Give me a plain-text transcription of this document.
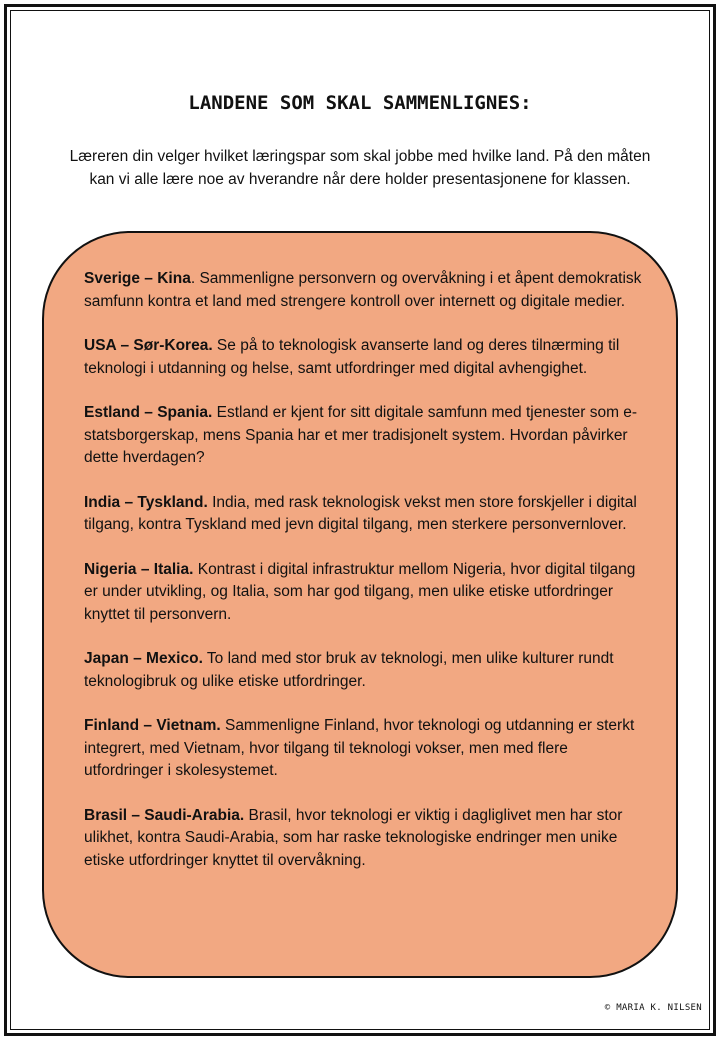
LANDENE SOM SKAL SAMMENLIGNES:
Læreren din velger hvilket læringspar som skal jobbe med hvilke land. På den måten kan vi alle lære noe av hverandre når dere holder presentasjonene for klassen.

Sverige – Kina. Sammenligne personvern og overvåkning i et åpent demokratisk samfunn kontra et land med strengere kontroll over internett og digitale medier.

USA – Sør-Korea. Se på to teknologisk avanserte land og deres tilnærming til teknologi i utdanning og helse, samt utfordringer med digital avhengighet.

Estland – Spania. Estland er kjent for sitt digitale samfunn med tjenester som e-statsborgerskap, mens Spania har et mer tradisjonelt system. Hvordan påvirker dette hverdagen?

India – Tyskland. India, med rask teknologisk vekst men store forskjeller i digital tilgang, kontra Tyskland med jevn digital tilgang, men sterkere personvernlover.

Nigeria – Italia. Kontrast i digital infrastruktur mellom Nigeria, hvor digital tilgang er under utvikling, og Italia, som har god tilgang, men ulike etiske utfordringer knyttet til personvern.

Japan – Mexico. To land med stor bruk av teknologi, men ulike kulturer rundt teknologibruk og ulike etiske utfordringer.

Finland – Vietnam. Sammenligne Finland, hvor teknologi og utdanning er sterkt integrert, med Vietnam, hvor tilgang til teknologi vokser, men med flere utfordringer i skolesystemet.

Brasil – Saudi-Arabia. Brasil, hvor teknologi er viktig i dagliglivet men har stor ulikhet, kontra Saudi-Arabia, som har raske teknologiske endringer men unike etiske utfordringer knyttet til overvåkning.

© MARIA K. NILSEN
